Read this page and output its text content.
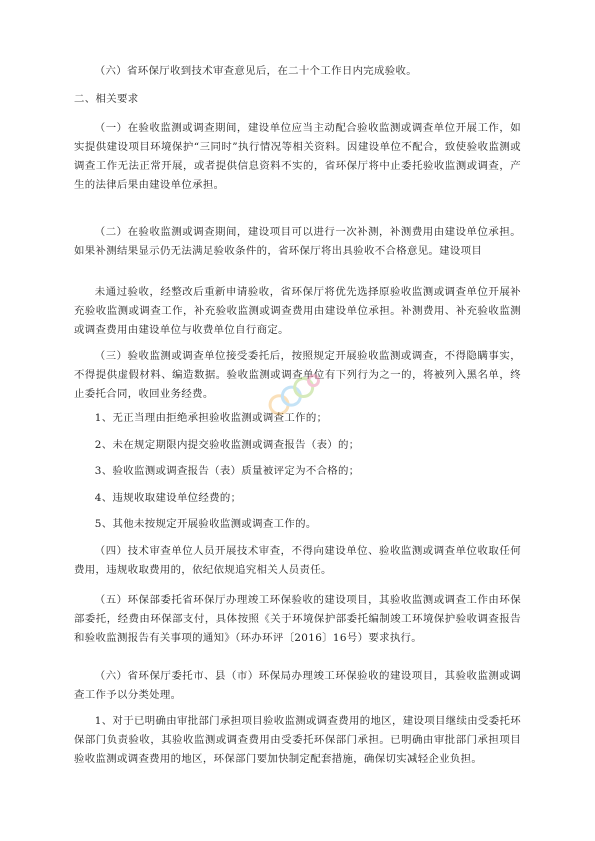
（六）省环保厅收到技术审查意见后，在二十个工作日内完成验收。

二、相关要求

（一）在验收监测或调查期间，建设单位应当主动配合验收监测或调查单位开展工作，如实提供建设项目环境保护“三同时”执行情况等相关资料。因建设单位不配合，致使验收监测或调查工作无法正常开展，或者提供信息资料不实的，省环保厅将中止委托验收监测或调查，产生的法律后果由建设单位承担。

（二）在验收监测或调查期间，建设项目可以进行一次补测，补测费用由建设单位承担。如果补测结果显示仍无法满足验收条件的，省环保厅将出具验收不合格意见。建设项目

未通过验收，经整改后重新申请验收，省环保厅将优先选择原验收监测或调查单位开展补充验收监测或调查工作，补充验收监测或调查费用由建设单位承担。补测费用、补充验收监测或调查费用由建设单位与收费单位自行商定。

（三）验收监测或调查单位接受委托后，按照规定开展验收监测或调查，不得隐瞒事实，不得提供虚假材料、编造数据。验收监测或调查单位有下列行为之一的，将被列入黑名单，终止委托合同，收回业务经费。

1、无正当理由拒绝承担验收监测或调查工作的；

2、未在规定期限内提交验收监测或调查报告（表）的；

3、验收监测或调查报告（表）质量被评定为不合格的；

4、违规收取建设单位经费的；

5、其他未按规定开展验收监测或调查工作的。

（四）技术审查单位人员开展技术审查，不得向建设单位、验收监测或调查单位收取任何费用，违规收取费用的，依纪依规追究相关人员责任。

（五）环保部委托省环保厅办理竣工环保验收的建设项目，其验收监测或调查工作由环保部委托，经费由环保部支付，具体按照《关于环境保护部委托编制竣工环境保护验收调查报告和验收监测报告有关事项的通知》（环办环评〔2016〕16号）要求执行。

（六）省环保厅委托市、县（市）环保局办理竣工环保验收的建设项目，其验收监测或调查工作予以分类处理。

1、对于已明确由审批部门承担项目验收监测或调查费用的地区，建设项目继续由受委托环保部门负责验收，其验收监测或调查费用由受委托环保部门承担。已明确由审批部门承担项目验收监测或调查费用的地区，环保部门要加快制定配套措施，确保切实减轻企业负担。
